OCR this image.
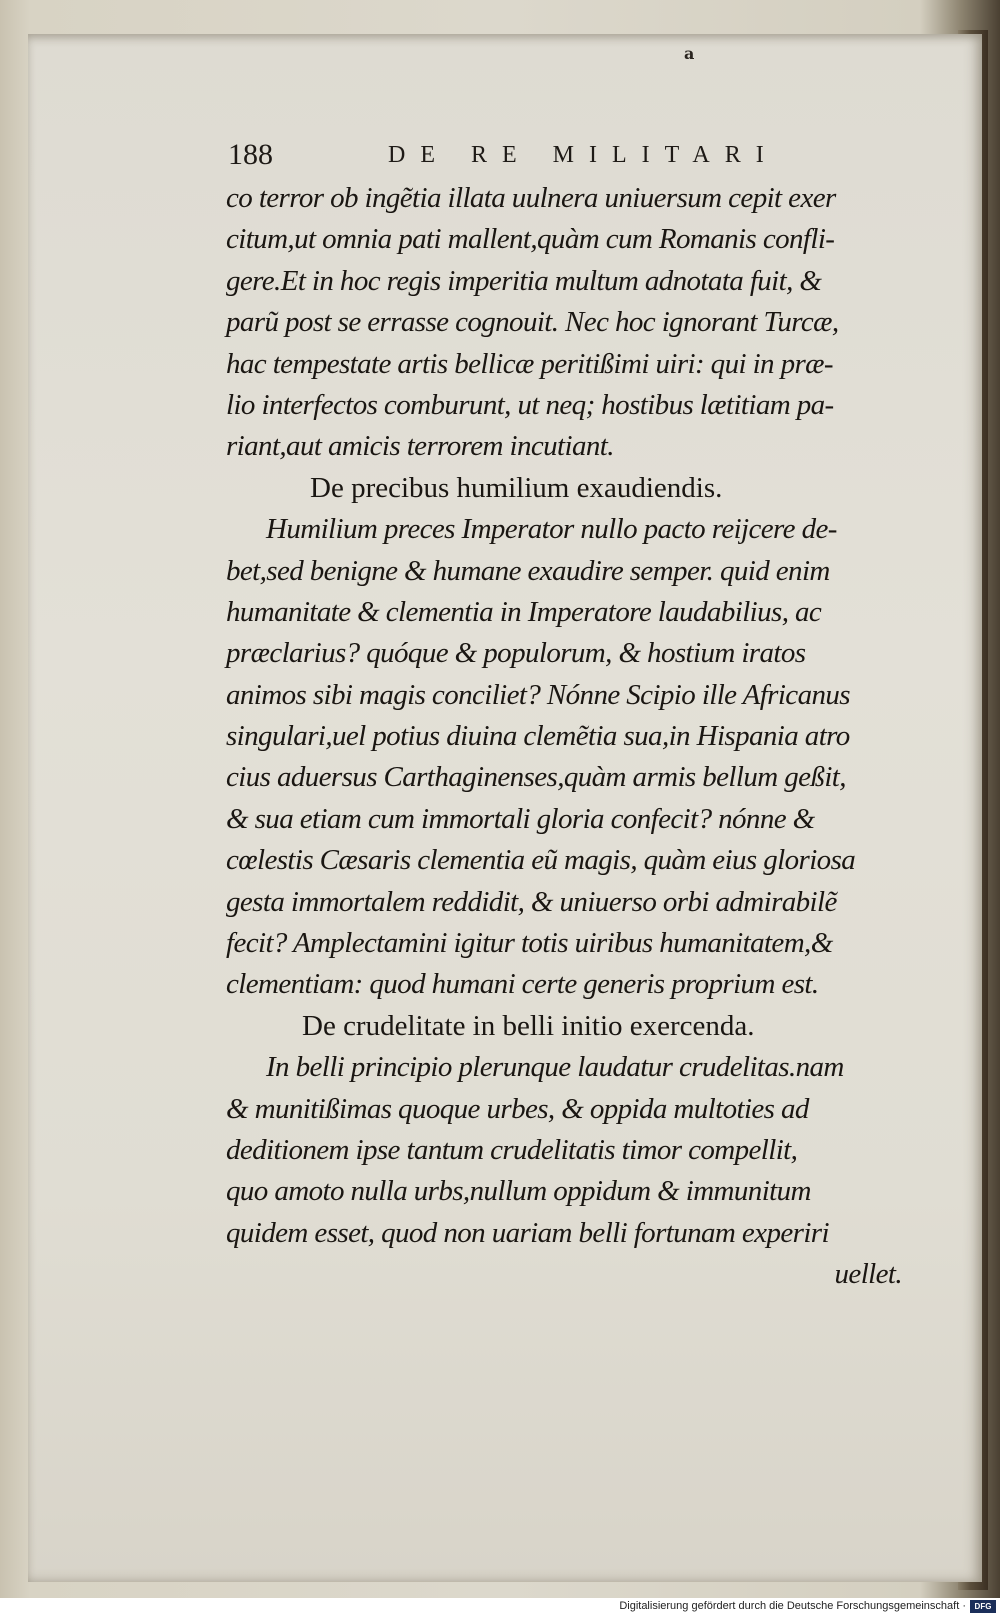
a
188	DE RE MILITARI
co terror ob ingẽtia illata uulnera uniuersum cepit exer
citum,ut omnia pati mallent,quàm cum Romanis confli-
gere.Et in hoc regis imperitia multum adnotata fuit, &
parũ post se errasse cognouit. Nec hoc ignorant Turcæ,
hac tempestate artis bellicæ peritißimi uiri: qui in præ-
lio interfectos comburunt, ut neq; hostibus lætitiam pa-
riant,aut amicis terrorem incutiant.
De precibus humilium exaudiendis.
Humilium preces Imperator nullo pacto reijcere de-
bet,sed benigne & humane exaudire semper. quid enim
humanitate & clementia in Imperatore laudabilius, ac
præclarius? quóque & populorum, & hostium iratos
animos sibi magis conciliet? Nónne Scipio ille Africanus
singulari,uel potius diuina clemẽtia sua,in Hispania atro
cius aduersus Carthaginenses,quàm armis bellum geßit,
& sua etiam cum immortali gloria confecit? nónne &
cœlestis Cæsaris clementia eũ magis, quàm eius gloriosa
gesta immortalem reddidit, & uniuerso orbi admirabilẽ
fecit? Amplectamini igitur totis uiribus humanitatem,&
clementiam: quod humani certe generis proprium est.
De crudelitate in belli initio exercenda.
In belli principio plerunque laudatur crudelitas.nam
& munitißimas quoque urbes, & oppida multoties ad
deditionem ipse tantum crudelitatis timor compellit,
quo amoto nulla urbs,nullum oppidum & immunitum
quidem esset, quod non uariam belli fortunam experiri
uellet.
Digitalisierung gefördert durch die Deutsche Forschungsgemeinschaft ·	DFG
